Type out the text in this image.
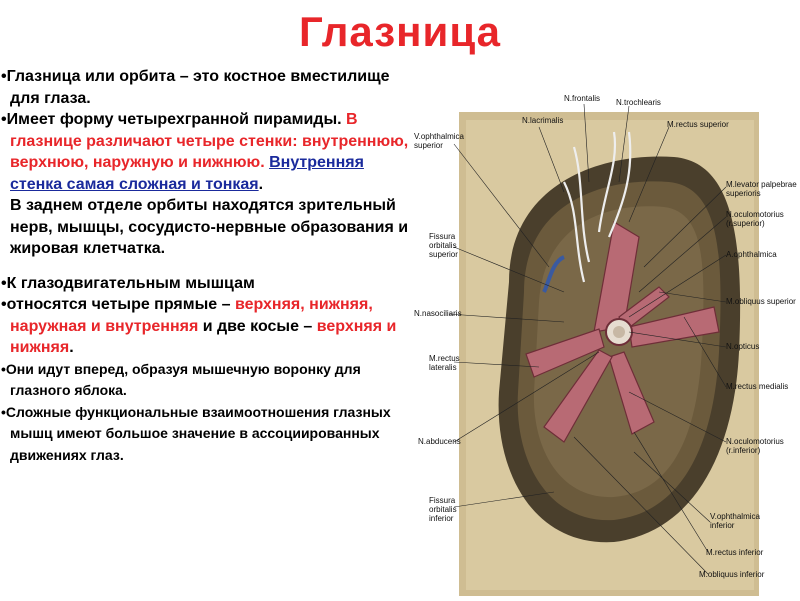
Глазница

•Глазница или орбита – это костное вместилище для глаза.

•Имеет форму четырехгранной пирамиды. В глазнице различают четыре стенки: внутреннюю, верхнюю, наружную и нижнюю. Внутренняя стенка самая сложная и тонкая.

В заднем отделе орбиты находятся зрительный нерв, мышцы, сосудисто-нервные образования и жировая клетчатка.

•К глазодвигательным мышцам

•относятся четыре прямые – верхняя, нижняя, наружная и внутренняя и две косые – верхняя и нижняя.

•Они идут вперед, образуя мышечную воронку для глазного яблока.

•Сложные функциональные взаимоотношения глазных мышц имеют большое значение в ассоциированных движениях глаз.

N.frontalis
N.lacrimalis
N.trochlearis
M.rectus superior
V.ophthalmica
superior
M.levator palpebrae
superioris
N.oculomotorius
(r.superior)
Fissura
orbitalis
superior	A.ophthalmica
M.obliquus superior
N.nasociliaris
N.opticus
M.rectus
lateralis
M.rectus medialis
N.abducens	N.oculomotorius
(r.inferior)
Fissura
orbitalis
inferior	V.ophthalmica
inferior
M.rectus inferior
M.obliquus inferior
